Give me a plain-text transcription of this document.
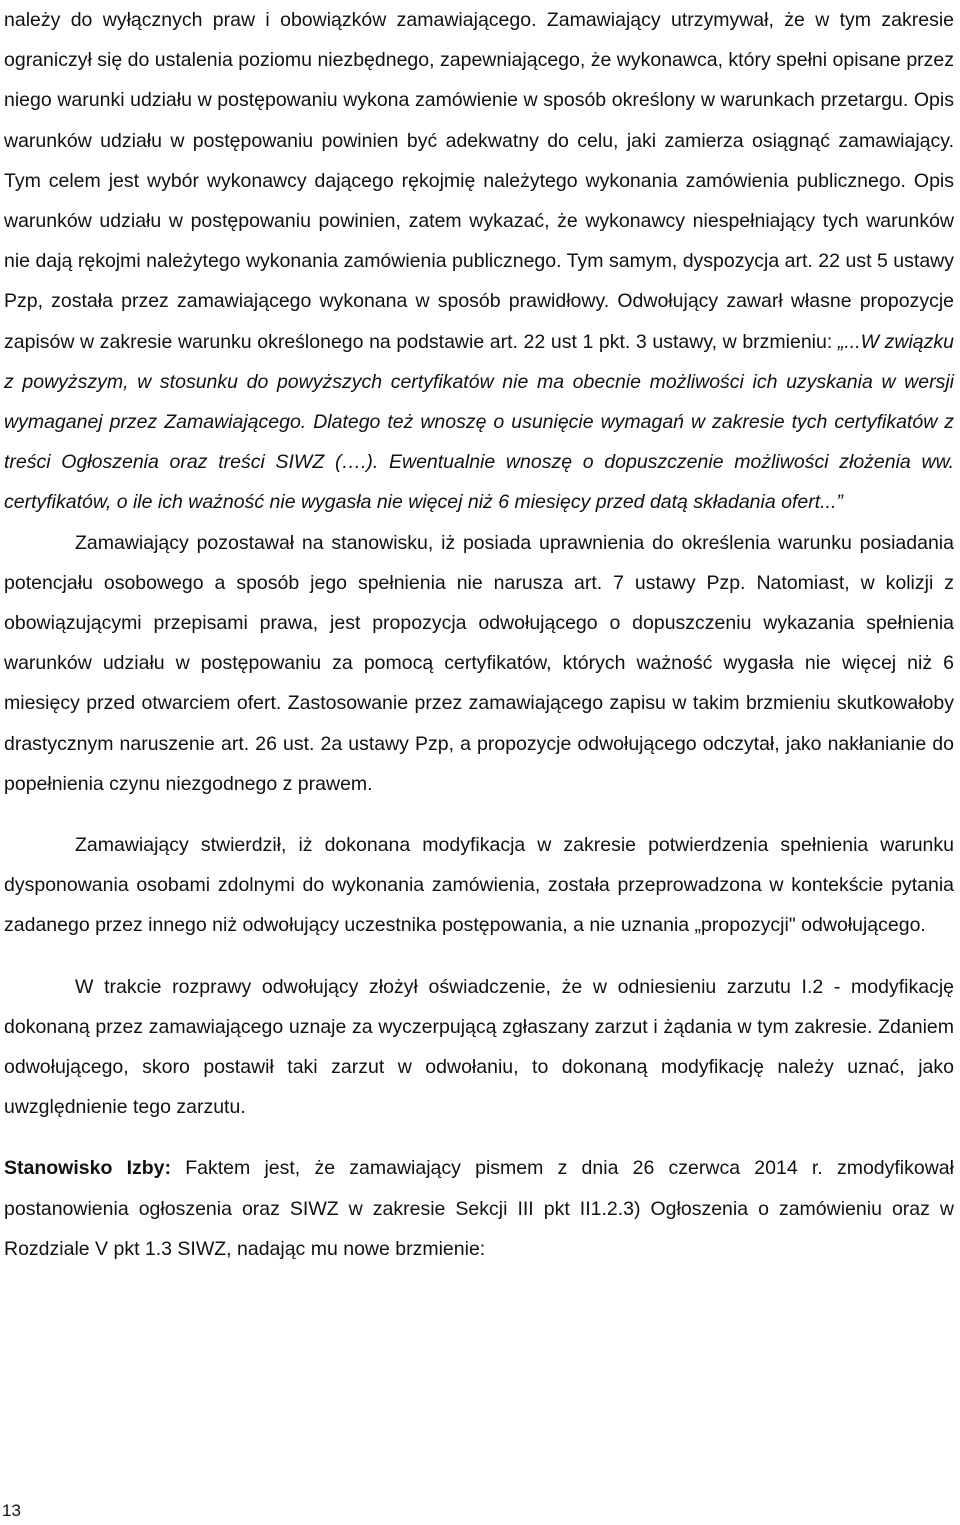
należy do wyłącznych praw i obowiązków zamawiającego. Zamawiający utrzymywał, że w tym zakresie ograniczył się do ustalenia poziomu niezbędnego, zapewniającego, że wykonawca, który spełni opisane przez niego warunki udziału w postępowaniu wykona zamówienie w sposób określony w warunkach przetargu. Opis warunków udziału w postępowaniu powinien być adekwatny do celu, jaki zamierza osiągnąć zamawiający. Tym celem jest wybór wykonawcy dającego rękojmię należytego wykonania zamówienia publicznego. Opis warunków udziału w postępowaniu powinien, zatem wykazać, że wykonawcy niespełniający tych warunków nie dają rękojmi należytego wykonania zamówienia publicznego. Tym samym, dyspozycja art. 22 ust 5 ustawy Pzp, została przez zamawiającego wykonana w sposób prawidłowy. Odwołujący zawarł własne propozycje zapisów w zakresie warunku określonego na podstawie art. 22 ust 1 pkt. 3 ustawy, w brzmieniu: „...W związku z powyższym, w stosunku do powyższych certyfikatów nie ma obecnie możliwości ich uzyskania w wersji wymaganej przez Zamawiającego. Dlatego też wnoszę o usunięcie wymagań w zakresie tych certyfikatów z treści Ogłoszenia oraz treści SIWZ (….). Ewentualnie wnoszę o dopuszczenie możliwości złożenia ww. certyfikatów, o ile ich ważność nie wygasła nie więcej niż 6 miesięcy przed datą składania ofert...”

Zamawiający pozostawał na stanowisku, iż posiada uprawnienia do określenia warunku posiadania potencjału osobowego a sposób jego spełnienia nie narusza art. 7 ustawy Pzp. Natomiast, w kolizji z obowiązującymi przepisami prawa, jest propozycja odwołującego o dopuszczeniu wykazania spełnienia warunków udziału w postępowaniu za pomocą certyfikatów, których ważność wygasła nie więcej niż 6 miesięcy przed otwarciem ofert. Zastosowanie przez zamawiającego zapisu w takim brzmieniu skutkowałoby drastycznym naruszenie art. 26 ust. 2a ustawy Pzp, a propozycje odwołującego odczytał, jako nakłanianie do popełnienia czynu niezgodnego z prawem.

Zamawiający stwierdził, iż dokonana modyfikacja w zakresie potwierdzenia spełnienia warunku dysponowania osobami zdolnymi do wykonania zamówienia, została przeprowadzona w kontekście pytania zadanego przez innego niż odwołujący uczestnika postępowania, a nie uznania „propozycji" odwołującego.

W trakcie rozprawy odwołujący złożył oświadczenie, że w odniesieniu zarzutu I.2 - modyfikację dokonaną przez zamawiającego uznaje za wyczerpującą zgłaszany zarzut i żądania w tym zakresie. Zdaniem odwołującego, skoro postawił taki zarzut w odwołaniu, to dokonaną modyfikację należy uznać, jako uwzględnienie tego zarzutu.

Stanowisko Izby: Faktem jest, że zamawiający pismem z dnia 26 czerwca 2014 r. zmodyfikował postanowienia ogłoszenia oraz SIWZ w zakresie Sekcji III pkt II1.2.3) Ogłoszenia o zamówieniu oraz w Rozdziale V pkt 1.3 SIWZ, nadając mu nowe brzmienie:

13
